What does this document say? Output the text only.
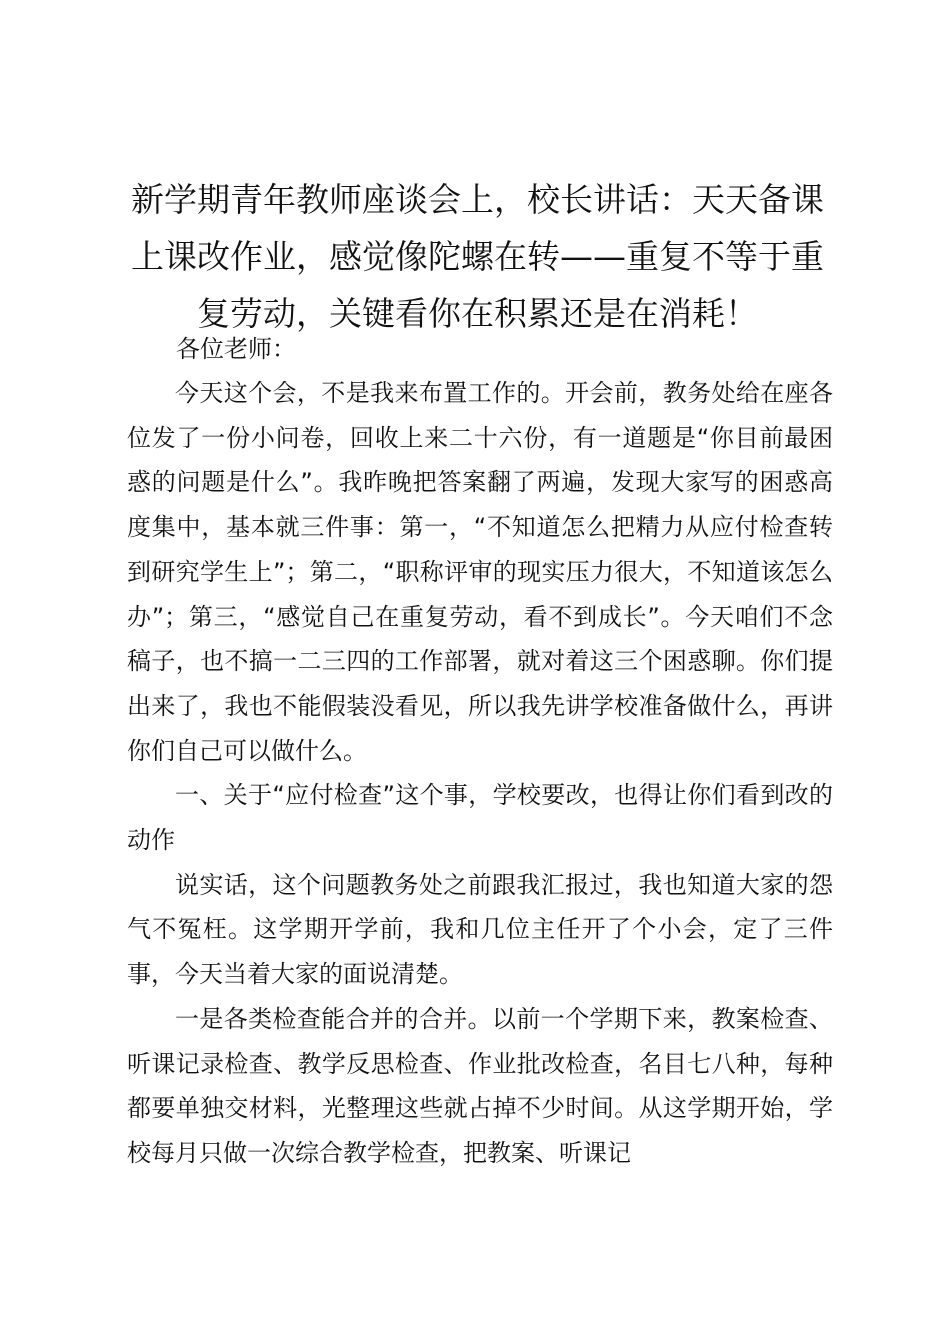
新学期青年教师座谈会上，校长讲话：天天备课上课改作业，感觉像陀螺在转——重复不等于重复劳动，关键看你在积累还是在消耗！
各位老师：

今天这个会，不是我来布置工作的。开会前，教务处给在座各位发了一份小问卷，回收上来二十六份，有一道题是“你目前最困惑的问题是什么”。我昨晚把答案翻了两遍，发现大家写的困惑高度集中，基本就三件事：第一，“不知道怎么把精力从应付检查转到研究学生上”；第二，“职称评审的现实压力很大，不知道该怎么办”；第三，“感觉自己在重复劳动，看不到成长”。今天咱们不念稿子，也不搞一二三四的工作部署，就对着这三个困惑聊。你们提出来了，我也不能假装没看见，所以我先讲学校准备做什么，再讲你们自己可以做什么。

一、关于“应付检查”这个事，学校要改，也得让你们看到改的动作

说实话，这个问题教务处之前跟我汇报过，我也知道大家的怨气不冤枉。这学期开学前，我和几位主任开了个小会，定了三件事，今天当着大家的面说清楚。

一是各类检查能合并的合并。以前一个学期下来，教案检查、听课记录检查、教学反思检查、作业批改检查，名目七八种，每种都要单独交材料，光整理这些就占掉不少时间。从这学期开始，学校每月只做一次综合教学检查，把教案、听课记
